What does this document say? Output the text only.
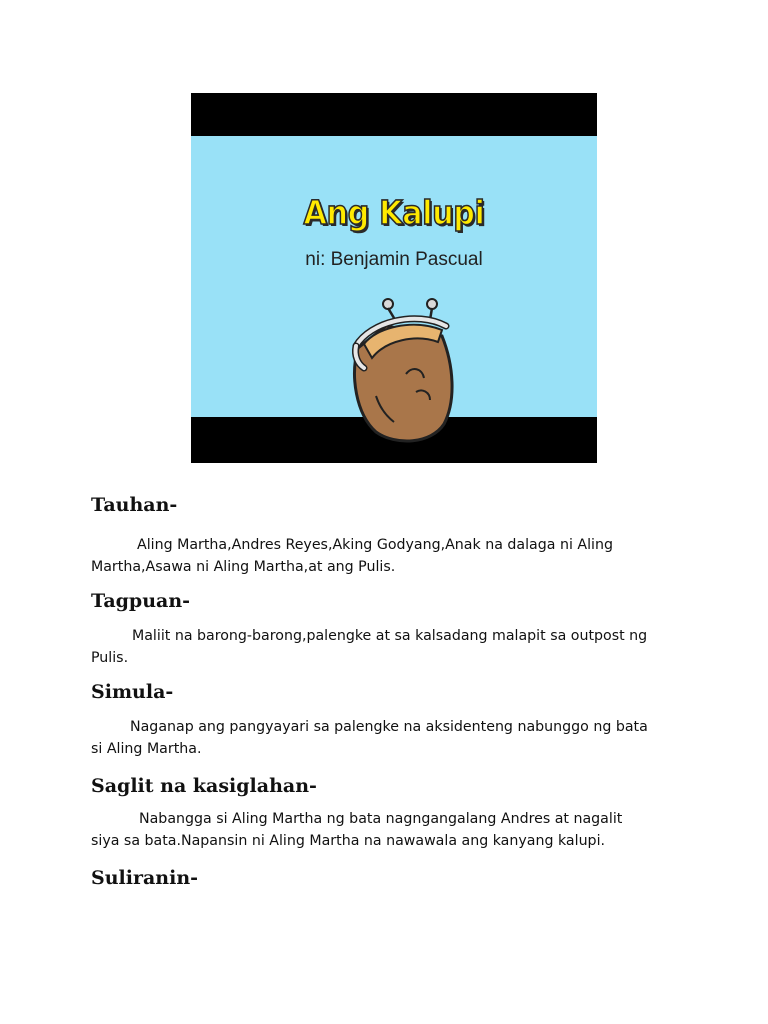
Ang Kalupi
ni: Benjamin Pascual
Tauhan-

Aling Martha,Andres Reyes,Aking Godyang,Anak na dalaga ni Aling
Martha,Asawa ni Aling Martha,at ang Pulis.

Tagpuan-

Maliit na barong-barong,palengke at sa kalsadang malapit sa outpost ng
Pulis.

Simula-

Naganap ang pangyayari sa palengke na aksidenteng nabunggo ng bata
si Aling Martha.

Saglit na kasiglahan-

Nabangga si Aling Martha ng bata nagngangalang Andres at nagalit
siya sa bata.Napansin ni Aling Martha na nawawala ang kanyang kalupi.

Suliranin-
